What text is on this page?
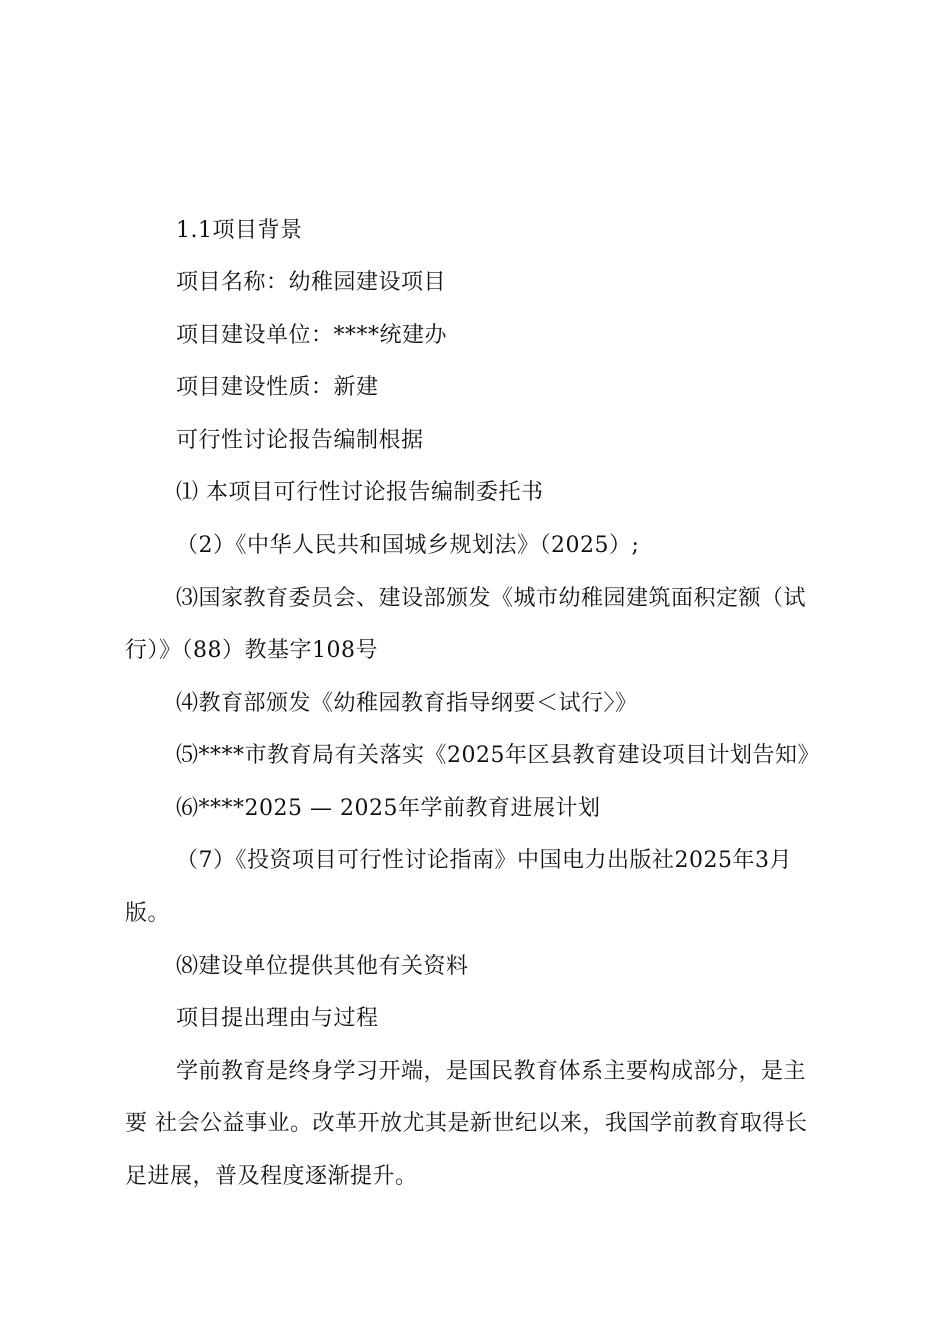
1.1项目背景
项目名称：幼稚园建设项目
项目建设单位：****统建办
项目建设性质：新建
可行性讨论报告编制根据
⑴ 本项目可行性讨论报告编制委托书
（2）《中华人民共和国城乡规划法》（2025）;
⑶国家教育委员会、建设部颁发《城市幼稚园建筑面积定额（试
行）》（88）教基字108号
⑷教育部颁发《幼稚园教育指导纲要＜试行〉》
⑸****市教育局有关落实《2025年区县教育建设项目计划告知》
⑹****2025 — 2025年学前教育进展计划
（7）《投资项目可行性讨论指南》中国电力出版社2025年3月
版。
⑻建设单位提供其他有关资料
项目提出理由与过程
学前教育是终身学习开端，是国民教育体系主要构成部分，是主
要 社会公益事业。改革开放尤其是新世纪以来，我国学前教育取得长
足进展，普及程度逐渐提升。
